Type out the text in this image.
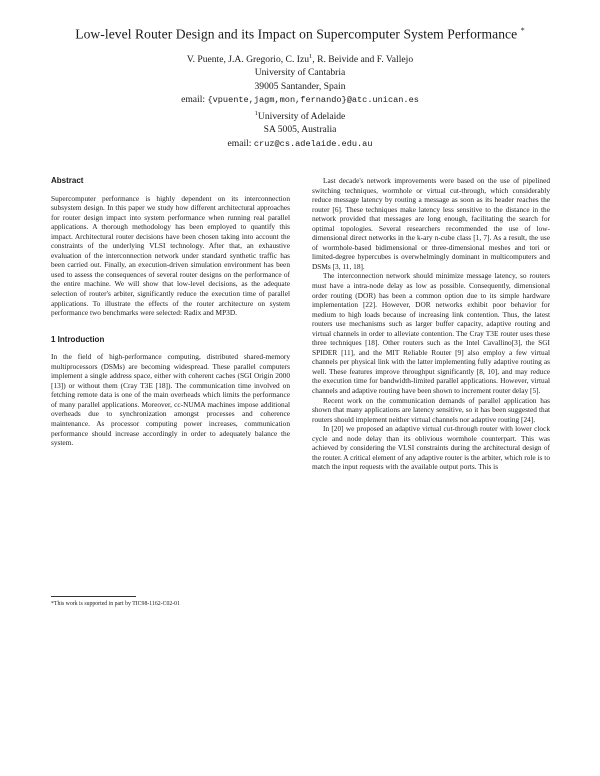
Low-level Router Design and its Impact on Supercomputer System Performance *
V. Puente, J.A. Gregorio, C. Izu$^1$, R. Beivide and F. Vallejo
University of Cantabria
39005 Santander, Spain
email: {vpuente,jagm,mon,fernando}@atc.unican.es
$^1$University of Adelaide
SA 5005, Australia
email: cruz@cs.adelaide.edu.au
Abstract

Supercomputer performance is highly dependent on its interconnection subsystem design. In this paper we study how different architectural approaches for router design impact into system performance when running real parallel applications. A thorough methodology has been employed to quantify this impact. Architectural router decisions have been chosen taking into account the constraints of the underlying VLSI technology. After that, an exhaustive evaluation of the interconnection network under standard synthetic traffic has been carried out. Finally, an execution-driven simulation environment has been used to assess the consequences of several router designs on the performance of the entire machine. We will show that low-level decisions, as the adequate selection of router's arbiter, significantly reduce the execution time of parallel applications. To illustrate the effects of the router architecture on system performance two benchmarks were selected: Radix and MP3D.

1 Introduction

In the field of high-performance computing, distributed shared-memory multiprocessors (DSMs) are becoming widespread. These parallel computers implement a single address space, either with coherent caches (SGI Origin 2000 [13]) or without them (Cray T3E [18]). The communication time involved on fetching remote data is one of the main overheads which limits the performance of many parallel applications. Moreover, cc-NUMA machines impose additional overheads due to synchronization amongst processes and coherence maintenance. As processor computing power increases, communication performance should increase accordingly in order to adequately balance the system.

*This work is supported in part by TIC98-1162-C02-01

Last decade's network improvements were based on the use of pipelined switching techniques, wormhole or virtual cut-through, which considerably reduce message latency by routing a message as soon as its header reaches the router [6]. These techniques make latency less sensitive to the distance in the network provided that messages are long enough, facilitating the search for optimal topologies. Several researchers recommended the use of low-dimensional direct networks in the k-ary n-cube class [1, 7]. As a result, the use of wormhole-based bidimensional or three-dimensional meshes and tori or limited-degree hypercubes is overwhelmingly dominant in multicomputers and DSMs [3, 11, 18].

The interconnection network should minimize message latency, so routers must have a intra-node delay as low as possible. Consequently, dimensional order routing (DOR) has been a common option due to its simple hardware implementation [22]. However, DOR networks exhibit poor behavior for medium to high loads because of increasing link contention. Thus, the latest routers use mechanisms such as larger buffer capacity, adaptive routing and virtual channels in order to alleviate contention. The Cray T3E router uses these three techniques [18]. Other routers such as the Intel Cavallino[3], the SGI SPIDER [11], and the MIT Reliable Router [9] also employ a few virtual channels per physical link with the latter implementing fully adaptive routing as well. These features improve throughput significantly [8, 10], and may reduce the execution time for bandwidth-limited parallel applications. However, virtual channels and adaptive routing have been shown to increment router delay [5].

Recent work on the communication demands of parallel application has shown that many applications are latency sensitive, so it has been suggested that routers should implement neither virtual channels nor adaptive routing [24].

In [20] we proposed an adaptive virtual cut-through router with lower clock cycle and node delay than its oblivious wormhole counterpart. This was achieved by considering the VLSI constraints during the architectural design of the router. A critical element of any adaptive router is the arbiter, which role is to match the input requests with the available output ports. This is
